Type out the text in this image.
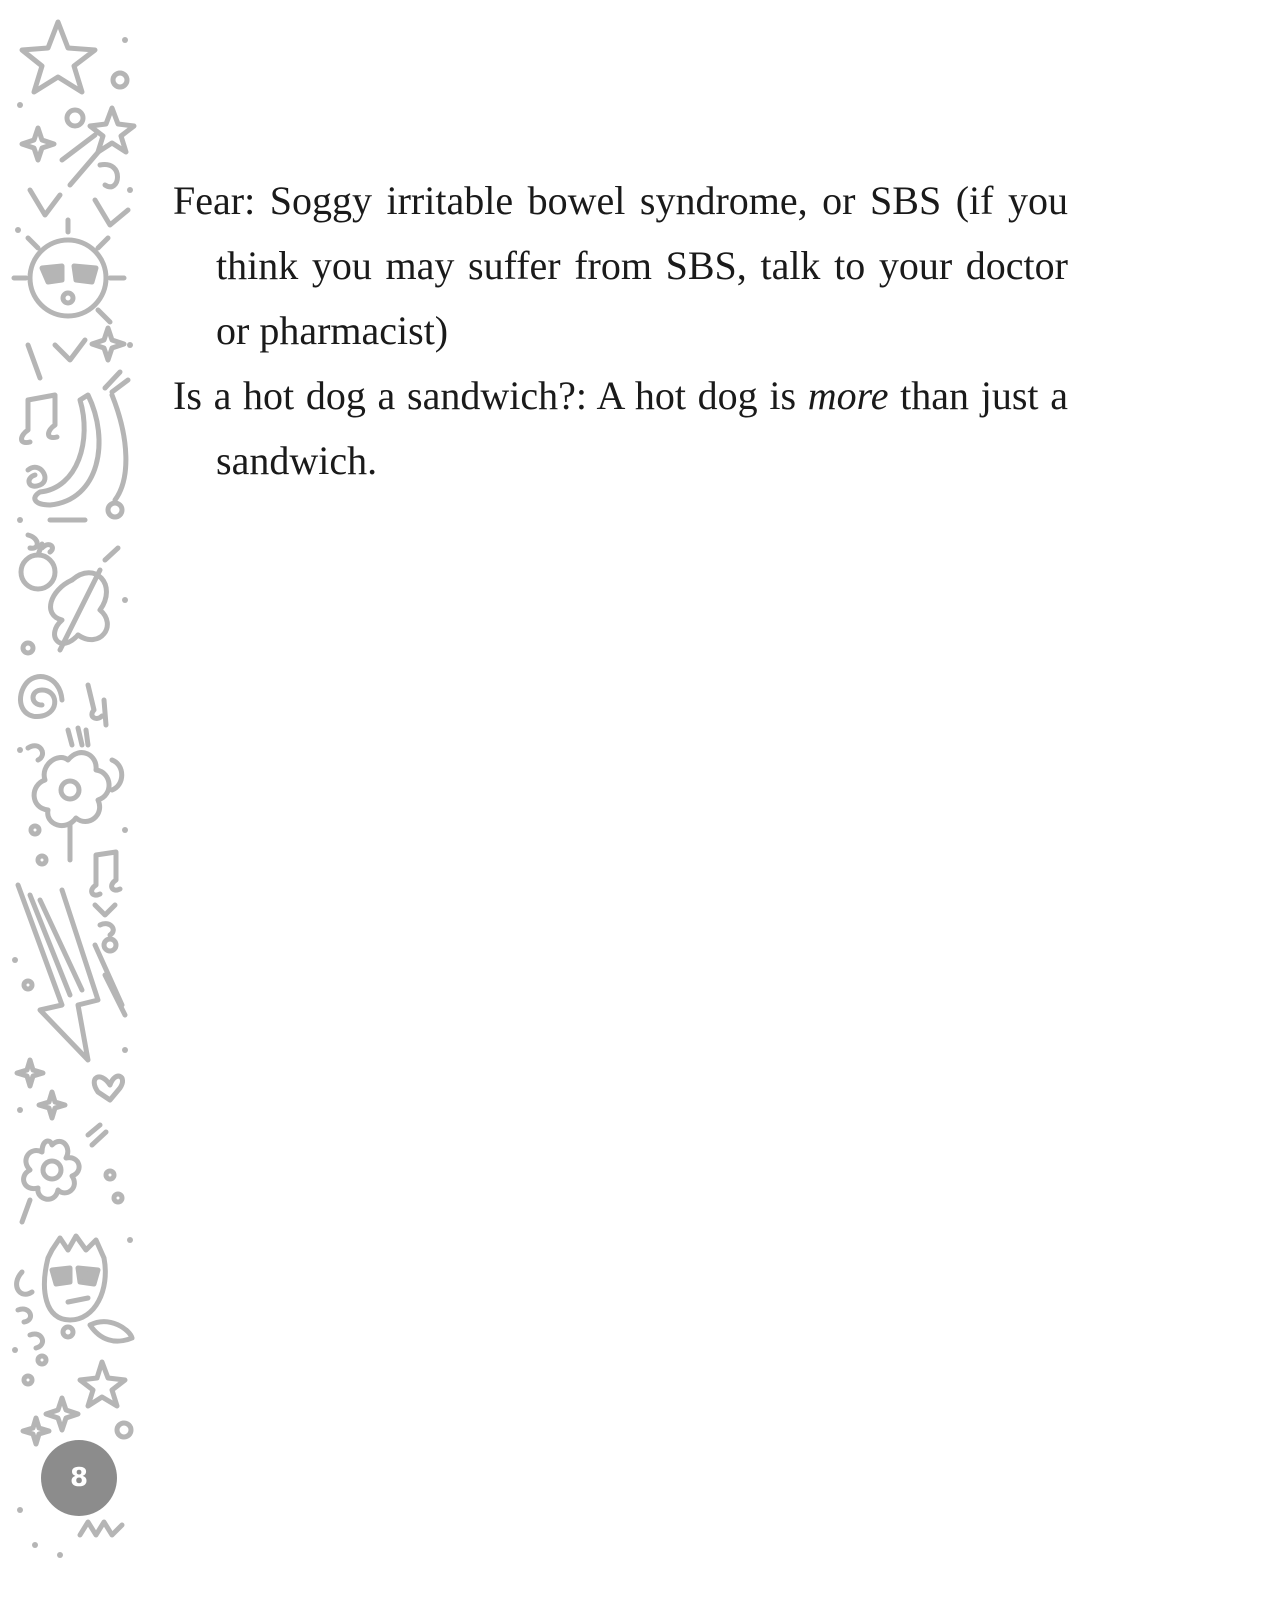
Fear: Soggy irritable bowel syndrome, or SBS (if you think you may suffer from SBS, talk to your doctor or pharmacist)

Is a hot dog a sandwich?: A hot dog is more than just a sandwich.

8
